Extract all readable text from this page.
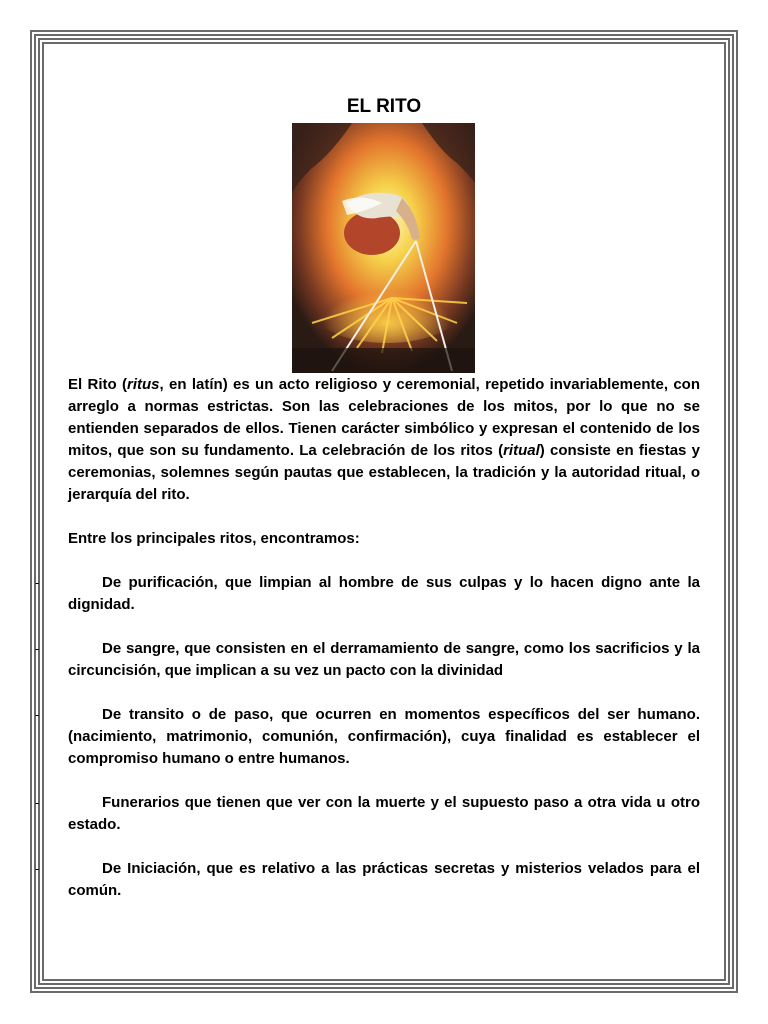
EL RITO

El Rito (ritus, en latín) es un acto religioso y ceremonial, repetido invariablemente, con arreglo a normas estrictas. Son las celebraciones de los mitos, por lo que no se entienden separados de ellos. Tienen carácter simbólico y expresan el contenido de los mitos, que son su fundamento. La celebración de los ritos (ritual) consiste en fiestas y ceremonias, solemnes según pautas que establecen, la tradición y la autoridad ritual, o jerarquía del rito.

Entre los principales ritos, encontramos:

-	De purificación, que limpian al hombre de sus culpas y lo hacen digno ante la dignidad.

-	De sangre, que consisten en el derramamiento de sangre, como los sacrificios y la circuncisión, que implican a su vez un pacto con la divinidad

-	De transito o de paso, que ocurren en momentos específicos del ser humano. (nacimiento, matrimonio, comunión, confirmación), cuya finalidad es establecer el compromiso humano o entre humanos.

-	Funerarios que tienen que ver con la muerte y el supuesto paso a otra vida u otro estado.

-	De Iniciación, que es relativo a las prácticas secretas y misterios velados para el común.
